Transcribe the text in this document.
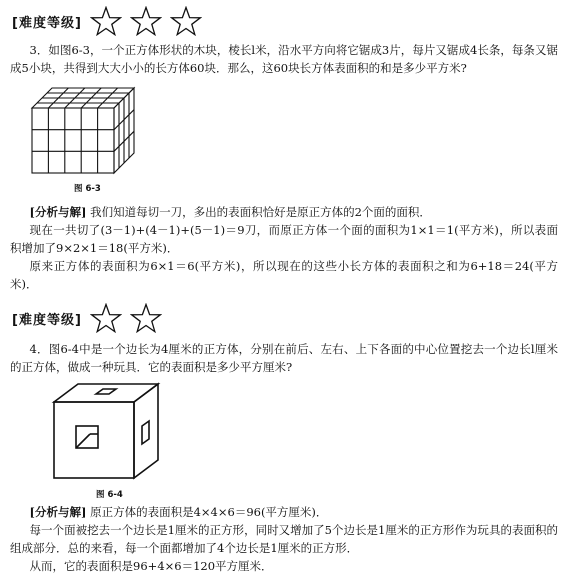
[难度等级]
3．如图6-3，一个正方体形状的木块，棱长l米，沿水平方向将它锯成3片，每片又锯成4长条，每条又锯成5小块，共得到大大小小的长方体60块．那么，这60块长方体表面积的和是多少平方米?
图 6-3
[分析与解] 我们知道每切一刀，多出的表面积恰好是原正方体的2个面的面积．
现在一共切了(3－1)+(4－1)+(5－1)＝9刀，而原正方体一个面的面积为1×1＝1(平方米)，所以表面积增加了9×2×1＝18(平方米)．
原来正方体的表面积为6×1＝6(平方米)，所以现在的这些小长方体的表面积之和为6+18＝24(平方米)．
[难度等级]
4．图6-4中是一个边长为4厘米的正方体，分别在前后、左右、上下各面的中心位置挖去一个边长l厘米的正方体，做成一种玩具．它的表面积是多少平方厘米?
图 6-4
[分析与解] 原正方体的表面积是4×4×6＝96(平方厘米)．
每一个面被挖去一个边长是1厘米的正方形，同时又增加了5个边长是1厘米的正方形作为玩具的表面积的组成部分．总的来看，每一个面都增加了4个边长是1厘米的正方形．
从而，它的表面积是96+4×6＝120平方厘米．
